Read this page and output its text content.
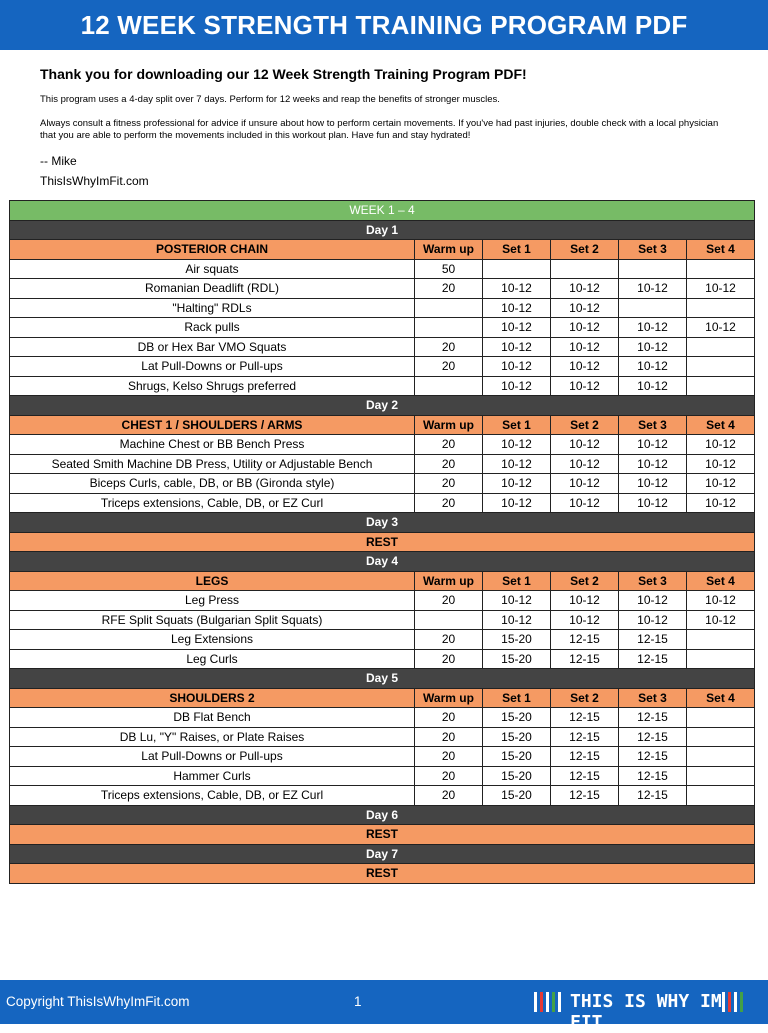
12 WEEK STRENGTH TRAINING PROGRAM PDF
Thank you for downloading our 12 Week Strength Training Program PDF!

This program uses a 4-day split over 7 days. Perform for 12 weeks and reap the benefits of stronger muscles.

Always consult a fitness professional for advice if unsure about how to perform certain movements. If you've had past injuries, double check with a local physician that you are able to perform the movements included in this workout plan. Have fun and stay hydrated!

-- Mike
ThisIsWhyImFit.com
WEEK 1 – 4					
Day 1					
POSTERIOR CHAIN	Warm up	Set 1	Set 2	Set 3	Set 4
Air squats	50				
Romanian Deadlift (RDL)	20	10-12	10-12	10-12	10-12
"Halting" RDLs		10-12	10-12		
Rack pulls		10-12	10-12	10-12	10-12
DB or Hex Bar VMO Squats	20	10-12	10-12	10-12	
Lat Pull-Downs or Pull-ups	20	10-12	10-12	10-12	
Shrugs, Kelso Shrugs preferred		10-12	10-12	10-12	
Day 2					
CHEST 1 / SHOULDERS / ARMS	Warm up	Set 1	Set 2	Set 3	Set 4
Machine Chest or BB Bench Press	20	10-12	10-12	10-12	10-12
Seated Smith Machine DB Press, Utility or Adjustable Bench	20	10-12	10-12	10-12	10-12
Biceps Curls, cable, DB, or BB (Gironda style)	20	10-12	10-12	10-12	10-12
Triceps extensions, Cable, DB, or EZ Curl	20	10-12	10-12	10-12	10-12
Day 3					
REST					
Day 4					
LEGS	Warm up	Set 1	Set 2	Set 3	Set 4
Leg Press	20	10-12	10-12	10-12	10-12
RFE Split Squats (Bulgarian Split Squats)		10-12	10-12	10-12	10-12
Leg Extensions	20	15-20	12-15	12-15	
Leg Curls	20	15-20	12-15	12-15	
Day 5					
SHOULDERS 2	Warm up	Set 1	Set 2	Set 3	Set 4
DB Flat Bench	20	15-20	12-15	12-15	
DB Lu, "Y" Raises, or Plate Raises	20	15-20	12-15	12-15	
Lat Pull-Downs or Pull-ups	20	15-20	12-15	12-15	
Hammer Curls	20	15-20	12-15	12-15	
Triceps extensions, Cable, DB, or EZ Curl	20	15-20	12-15	12-15	
Day 6					
REST					
Day 7					
REST					
Copyright ThisIsWhyImFit.com	1	THIS IS WHY IM FIT
